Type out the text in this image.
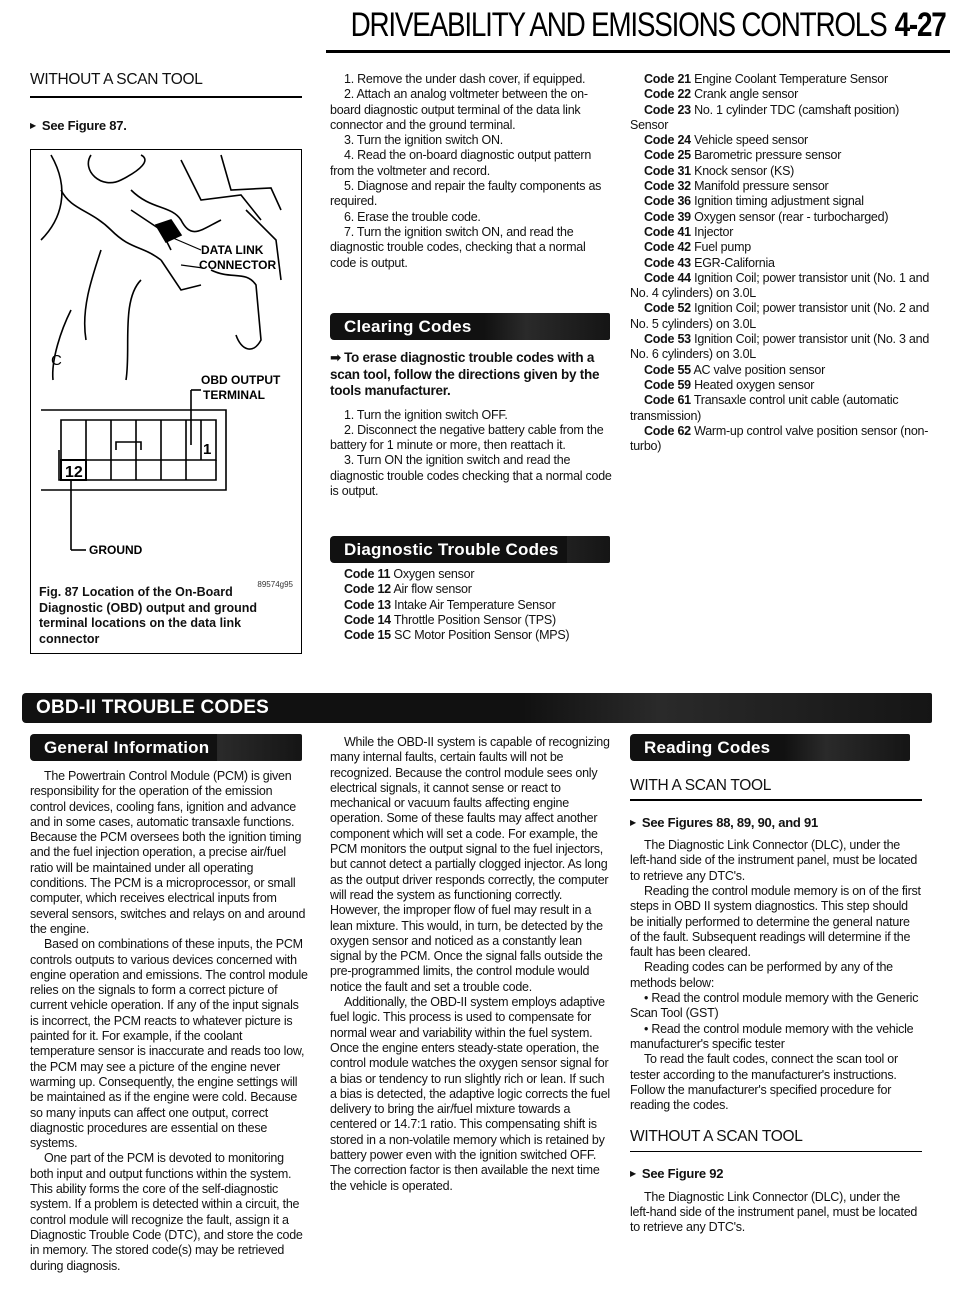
DRIVEABILITY AND EMISSIONS CONTROLS 4-27

WITHOUT A SCAN TOOL

▶ See Figure 87.

12
1
C
DATA LINK
CONNECTOR
OBD OUTPUT
TERMINAL
GROUND
89574g95
Fig. 87 Location of the On-Board Diagnostic (OBD) output and ground terminal locations on the data link connector

1. Remove the under dash cover, if equipped.

2. Attach an analog voltmeter between the on-board diagnostic output terminal of the data link connector and the ground terminal.

3. Turn the ignition switch ON.

4. Read the on-board diagnostic output pattern from the voltmeter and record.

5. Diagnose and repair the faulty components as required.

6. Erase the trouble code.

7. Turn the ignition switch ON, and read the diagnostic trouble codes, checking that a normal code is output.

Clearing Codes

➡ To erase diagnostic trouble codes with a scan tool, follow the directions given by the tools manufacturer.

1. Turn the ignition switch OFF.

2. Disconnect the negative battery cable from the battery for 1 minute or more, then reattach it.

3. Turn ON the ignition switch and read the diagnostic trouble codes checking that a normal code is output.

Diagnostic Trouble Codes

Code 11 Oxygen sensor

Code 12 Air flow sensor

Code 13 Intake Air Temperature Sensor

Code 14 Throttle Position Sensor (TPS)

Code 15 SC Motor Position Sensor (MPS)

Code 21 Engine Coolant Temperature Sensor

Code 22 Crank angle sensor

Code 23 No. 1 cylinder TDC (camshaft position) Sensor

Code 24 Vehicle speed sensor

Code 25 Barometric pressure sensor

Code 31 Knock sensor (KS)

Code 32 Manifold pressure sensor

Code 36 Ignition timing adjustment signal

Code 39 Oxygen sensor (rear - turbocharged)

Code 41 Injector

Code 42 Fuel pump

Code 43 EGR-California

Code 44 Ignition Coil; power transistor unit (No. 1 and No. 4 cylinders) on 3.0L

Code 52 Ignition Coil; power transistor unit (No. 2 and No. 5 cylinders) on 3.0L

Code 53 Ignition Coil; power transistor unit (No. 3 and No. 6 cylinders) on 3.0L

Code 55 AC valve position sensor

Code 59 Heated oxygen sensor

Code 61 Transaxle control unit cable (automatic transmission)

Code 62 Warm-up control valve position sensor (non-turbo)

OBD-II TROUBLE CODES
General Information

The Powertrain Control Module (PCM) is given responsibility for the operation of the emission control devices, cooling fans, ignition and advance and in some cases, automatic transaxle functions. Because the PCM oversees both the ignition timing and the fuel injection operation, a precise air/fuel ratio will be maintained under all operating conditions. The PCM is a microprocessor, or small computer, which receives electrical inputs from several sensors, switches and relays on and around the engine.

Based on combinations of these inputs, the PCM controls outputs to various devices concerned with engine operation and emissions. The control module relies on the signals to form a correct picture of current vehicle operation. If any of the input signals is incorrect, the PCM reacts to whatever picture is painted for it. For example, if the coolant temperature sensor is inaccurate and reads too low, the PCM may see a picture of the engine never warming up. Consequently, the engine settings will be maintained as if the engine were cold. Because so many inputs can affect one output, correct diagnostic procedures are essential on these systems.

One part of the PCM is devoted to monitoring both input and output functions within the system. This ability forms the core of the self-diagnostic system. If a problem is detected within a circuit, the control module will recognize the fault, assign it a Diagnostic Trouble Code (DTC), and store the code in memory. The stored code(s) may be retrieved during diagnosis.

While the OBD-II system is capable of recognizing many internal faults, certain faults will not be recognized. Because the control module sees only electrical signals, it cannot sense or react to mechanical or vacuum faults affecting engine operation. Some of these faults may affect another component which will set a code. For example, the PCM monitors the output signal to the fuel injectors, but cannot detect a partially clogged injector. As long as the output driver responds correctly, the computer will read the system as functioning correctly. However, the improper flow of fuel may result in a lean mixture. This would, in turn, be detected by the oxygen sensor and noticed as a constantly lean signal by the PCM. Once the signal falls outside the pre-programmed limits, the control module would notice the fault and set a trouble code.

Additionally, the OBD-II system employs adaptive fuel logic. This process is used to compensate for normal wear and variability within the fuel system. Once the engine enters steady-state operation, the control module watches the oxygen sensor signal for a bias or tendency to run slightly rich or lean. If such a bias is detected, the adaptive logic corrects the fuel delivery to bring the air/fuel mixture towards a centered or 14.7:1 ratio. This compensating shift is stored in a non-volatile memory which is retained by battery power even with the ignition switched OFF. The correction factor is then available the next time the vehicle is operated.

Reading Codes

WITH A SCAN TOOL

▶ See Figures 88, 89, 90, and 91

The Diagnostic Link Connector (DLC), under the left-hand side of the instrument panel, must be located to retrieve any DTC's.

Reading the control module memory is on of the first steps in OBD II system diagnostics. This step should be initially performed to determine the general nature of the fault. Subsequent readings will determine if the fault has been cleared.

Reading codes can be performed by any of the methods below:

• Read the control module memory with the Generic Scan Tool (GST)

• Read the control module memory with the vehicle manufacturer's specific tester

To read the fault codes, connect the scan tool or tester according to the manufacturer's instructions. Follow the manufacturer's specified procedure for reading the codes.

WITHOUT A SCAN TOOL

▶ See Figure 92

The Diagnostic Link Connector (DLC), under the left-hand side of the instrument panel, must be located to retrieve any DTC's.
